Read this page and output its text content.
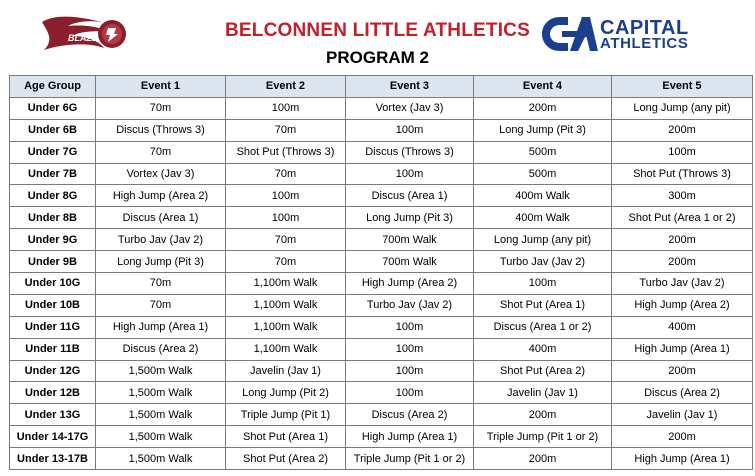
BLAZE	BELCONNEN LITTLE ATHLETICS
PROGRAM 2
CAPITAL
ATHLETICS
Age Group	Event 1	Event 2	Event 3	Event 4	Event 5
Under 6G	70m	100m	Vortex (Jav 3)	200m	Long Jump (any pit)
Under 6B	Discus (Throws 3)	70m	100m	Long Jump (Pit 3)	200m
Under 7G	70m	Shot Put (Throws 3)	Discus (Throws 3)	500m	100m
Under 7B	Vortex (Jav 3)	70m	100m	500m	Shot Put (Throws 3)
Under 8G	High Jump (Area 2)	100m	Discus (Area 1)	400m Walk	300m
Under 8B	Discus (Area 1)	100m	Long Jump (Pit 3)	400m Walk	Shot Put (Area 1 or 2)
Under 9G	Turbo Jav (Jav 2)	70m	700m Walk	Long Jump (any pit)	200m
Under 9B	Long Jump (Pit 3)	70m	700m Walk	Turbo Jav (Jav 2)	200m
Under 10G	70m	1,100m Walk	High Jump (Area 2)	100m	Turbo Jav (Jav 2)
Under 10B	70m	1,100m Walk	Turbo Jav (Jav 2)	Shot Put (Area 1)	High Jump (Area 2)
Under 11G	High Jump (Area 1)	1,100m Walk	100m	Discus (Area 1 or 2)	400m
Under 11B	Discus (Area 2)	1,100m Walk	100m	400m	High Jump (Area 1)
Under 12G	1,500m Walk	Javelin (Jav 1)	100m	Shot Put (Area 2)	200m
Under 12B	1,500m Walk	Long Jump (Pit 2)	100m	Javelin (Jav 1)	Discus (Area 2)
Under 13G	1,500m Walk	Triple Jump (Pit 1)	Discus (Area 2)	200m	Javelin (Jav 1)
Under 14-17G	1,500m Walk	Shot Put (Area 1)	High Jump (Area 1)	Triple Jump (Pit 1 or 2)	200m
Under 13-17B	1,500m Walk	Shot Put (Area 2)	Triple Jump (Pit 1 or 2)	200m	High Jump (Area 1)
